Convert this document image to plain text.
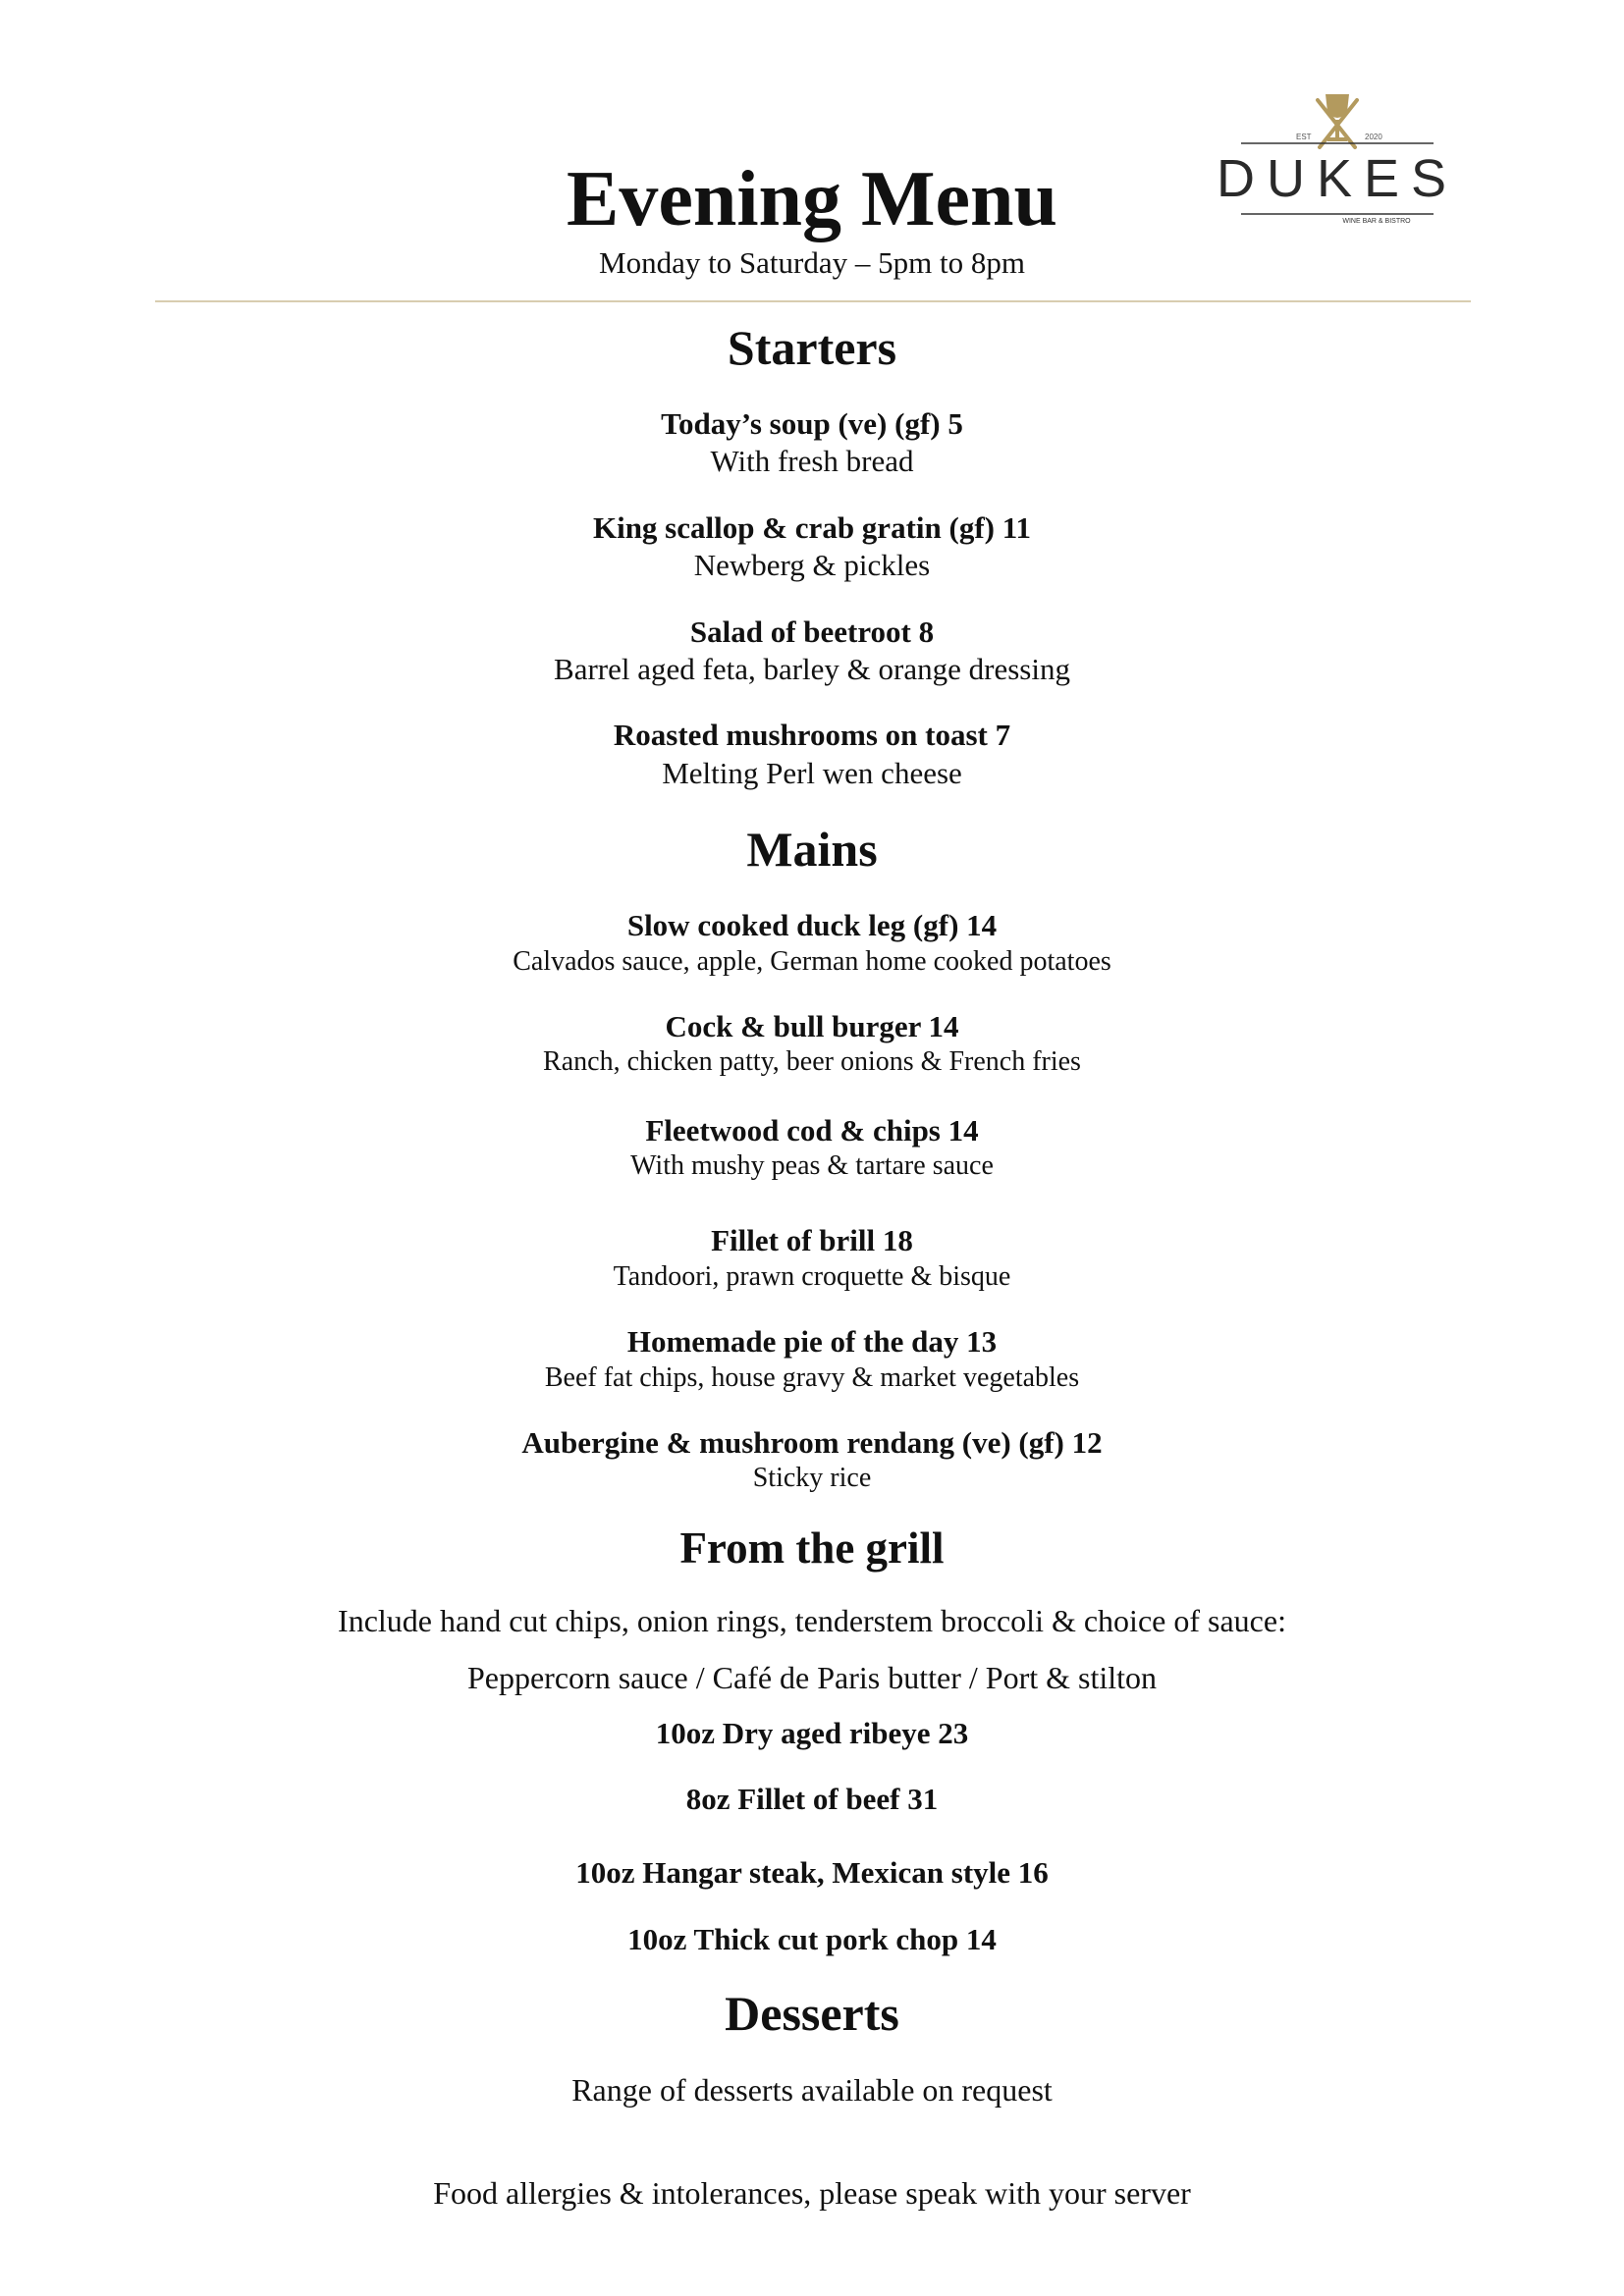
EST	2020
DUKES
WINE BAR & BISTRO
Evening Menu
Monday to Saturday – 5pm to 8pm
Starters
Today’s soup (ve) (gf) 5
With fresh bread
King scallop & crab gratin (gf) 11
Newberg & pickles
Salad of beetroot 8
Barrel aged feta, barley & orange dressing
Roasted mushrooms on toast 7
Melting Perl wen cheese
Mains
Slow cooked duck leg (gf) 14
Calvados sauce, apple, German home cooked potatoes
Cock & bull burger 14
Ranch, chicken patty, beer onions & French fries
Fleetwood cod & chips 14
With mushy peas & tartare sauce
Fillet of brill 18
Tandoori, prawn croquette & bisque
Homemade pie of the day 13
Beef fat chips, house gravy & market vegetables
Aubergine & mushroom rendang (ve) (gf) 12
Sticky rice
From the grill
Include hand cut chips, onion rings, tenderstem broccoli & choice of sauce:
Peppercorn sauce / Café de Paris butter / Port & stilton
10oz Dry aged ribeye 23
8oz Fillet of beef 31
10oz Hangar steak, Mexican style 16
10oz Thick cut pork chop 14
Desserts
Range of desserts available on request
Food allergies & intolerances, please speak with your server
